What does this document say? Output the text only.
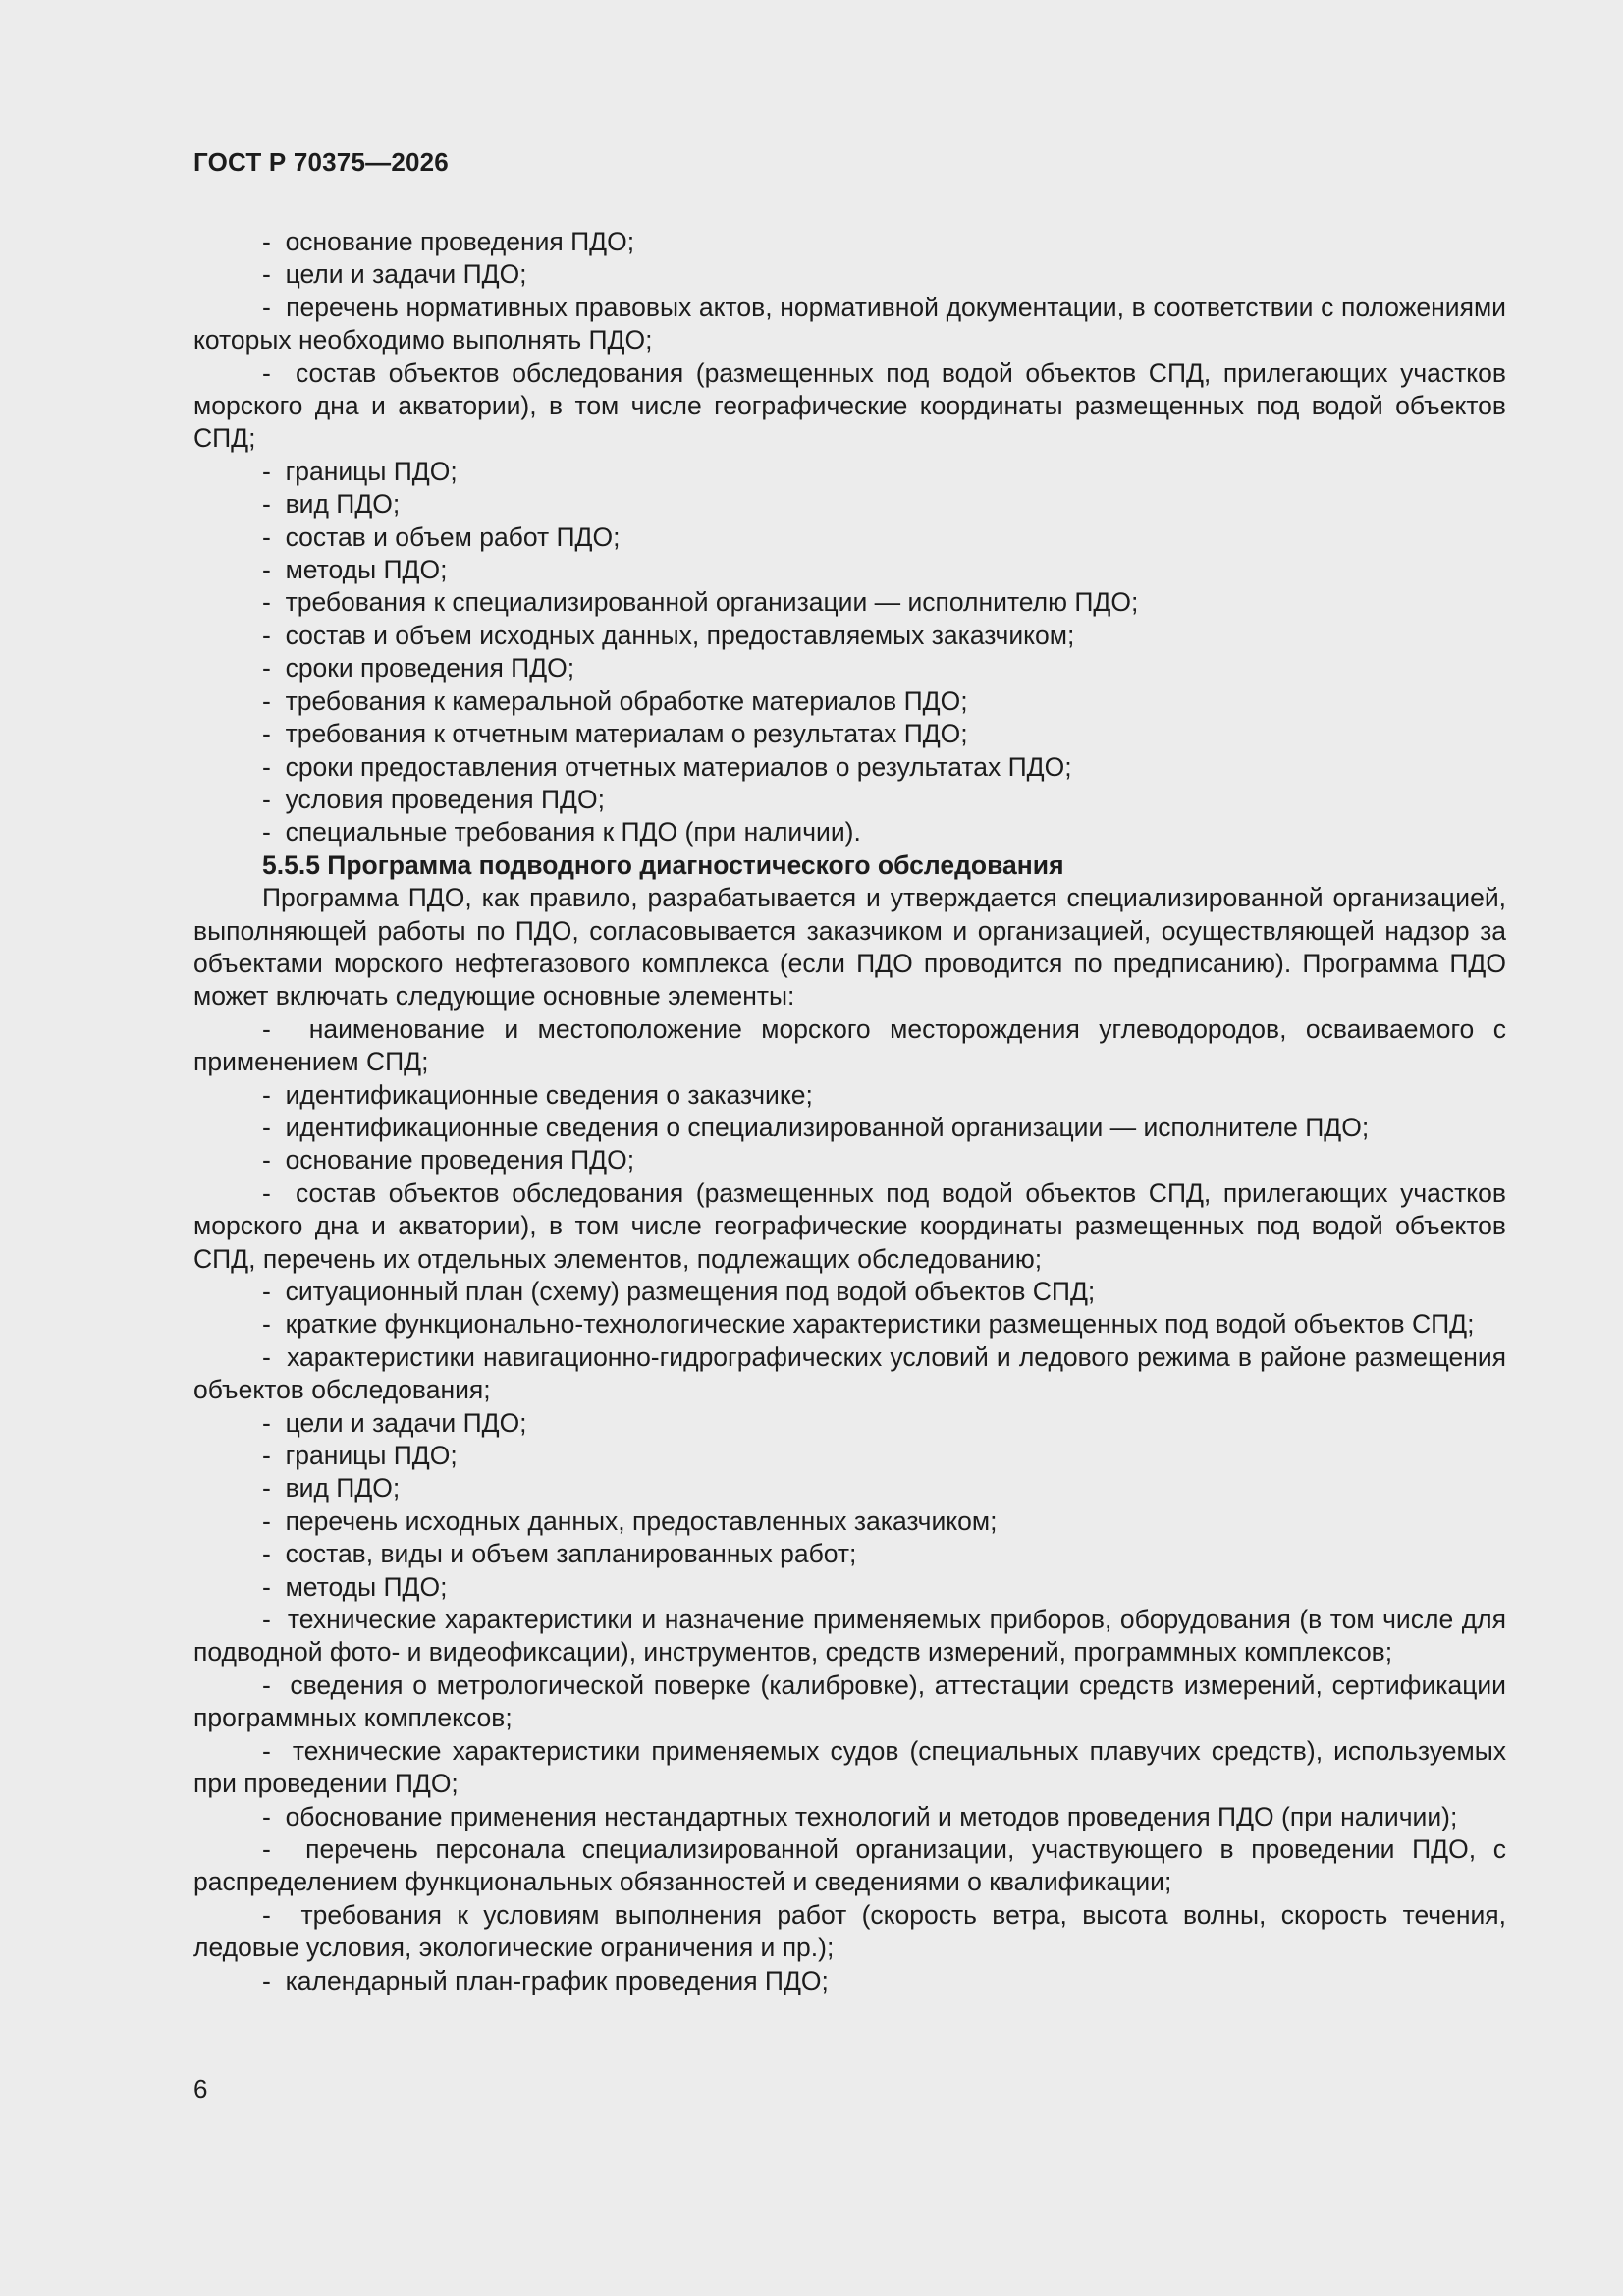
ГОСТ Р 70375—2026

-  основание проведения ПДО;

-  цели и задачи ПДО;

-  перечень нормативных правовых актов, нормативной документации, в соответствии с положениями которых необходимо выполнять ПДО;

-  состав объектов обследования (размещенных под водой объектов СПД, прилегающих участков морского дна и акватории), в том числе географические координаты размещенных под водой объектов СПД;

-  границы ПДО;

-  вид ПДО;

-  состав и объем работ ПДО;

-  методы ПДО;

-  требования к специализированной организации — исполнителю ПДО;

-  состав и объем исходных данных, предоставляемых заказчиком;

-  сроки проведения ПДО;

-  требования к камеральной обработке материалов ПДО;

-  требования к отчетным материалам о результатах ПДО;

-  сроки предоставления отчетных материалов о результатах ПДО;

-  условия проведения ПДО;

-  специальные требования к ПДО (при наличии).

5.5.5 Программа подводного диагностического обследования

Программа ПДО, как правило, разрабатывается и утверждается специализированной организацией, выполняющей работы по ПДО, согласовывается заказчиком и организацией, осуществляющей надзор за объектами морского нефтегазового комплекса (если ПДО проводится по предписанию). Программа ПДО может включать следующие основные элементы:

-  наименование и местоположение морского месторождения углеводородов, осваиваемого с применением СПД;

-  идентификационные сведения о заказчике;

-  идентификационные сведения о специализированной организации — исполнителе ПДО;

-  основание проведения ПДО;

-  состав объектов обследования (размещенных под водой объектов СПД, прилегающих участков морского дна и акватории), в том числе географические координаты размещенных под водой объектов СПД, перечень их отдельных элементов, подлежащих обследованию;

-  ситуационный план (схему) размещения под водой объектов СПД;

-  краткие функционально-технологические характеристики размещенных под водой объектов СПД;

-  характеристики навигационно-гидрографических условий и ледового режима в районе размещения объектов обследования;

-  цели и задачи ПДО;

-  границы ПДО;

-  вид ПДО;

-  перечень исходных данных, предоставленных заказчиком;

-  состав, виды и объем запланированных работ;

-  методы ПДО;

-  технические характеристики и назначение применяемых приборов, оборудования (в том числе для подводной фото- и видеофиксации), инструментов, средств измерений, программных комплексов;

-  сведения о метрологической поверке (калибровке), аттестации средств измерений, сертификации программных комплексов;

-  технические характеристики применяемых судов (специальных плавучих средств), используемых при проведении ПДО;

-  обоснование применения нестандартных технологий и методов проведения ПДО (при наличии);

-  перечень персонала специализированной организации, участвующего в проведении ПДО, с распределением функциональных обязанностей и сведениями о квалификации;

-  требования к условиям выполнения работ (скорость ветра, высота волны, скорость течения, ледовые условия, экологические ограничения и пр.);

-  календарный план-график проведения ПДО;

6
